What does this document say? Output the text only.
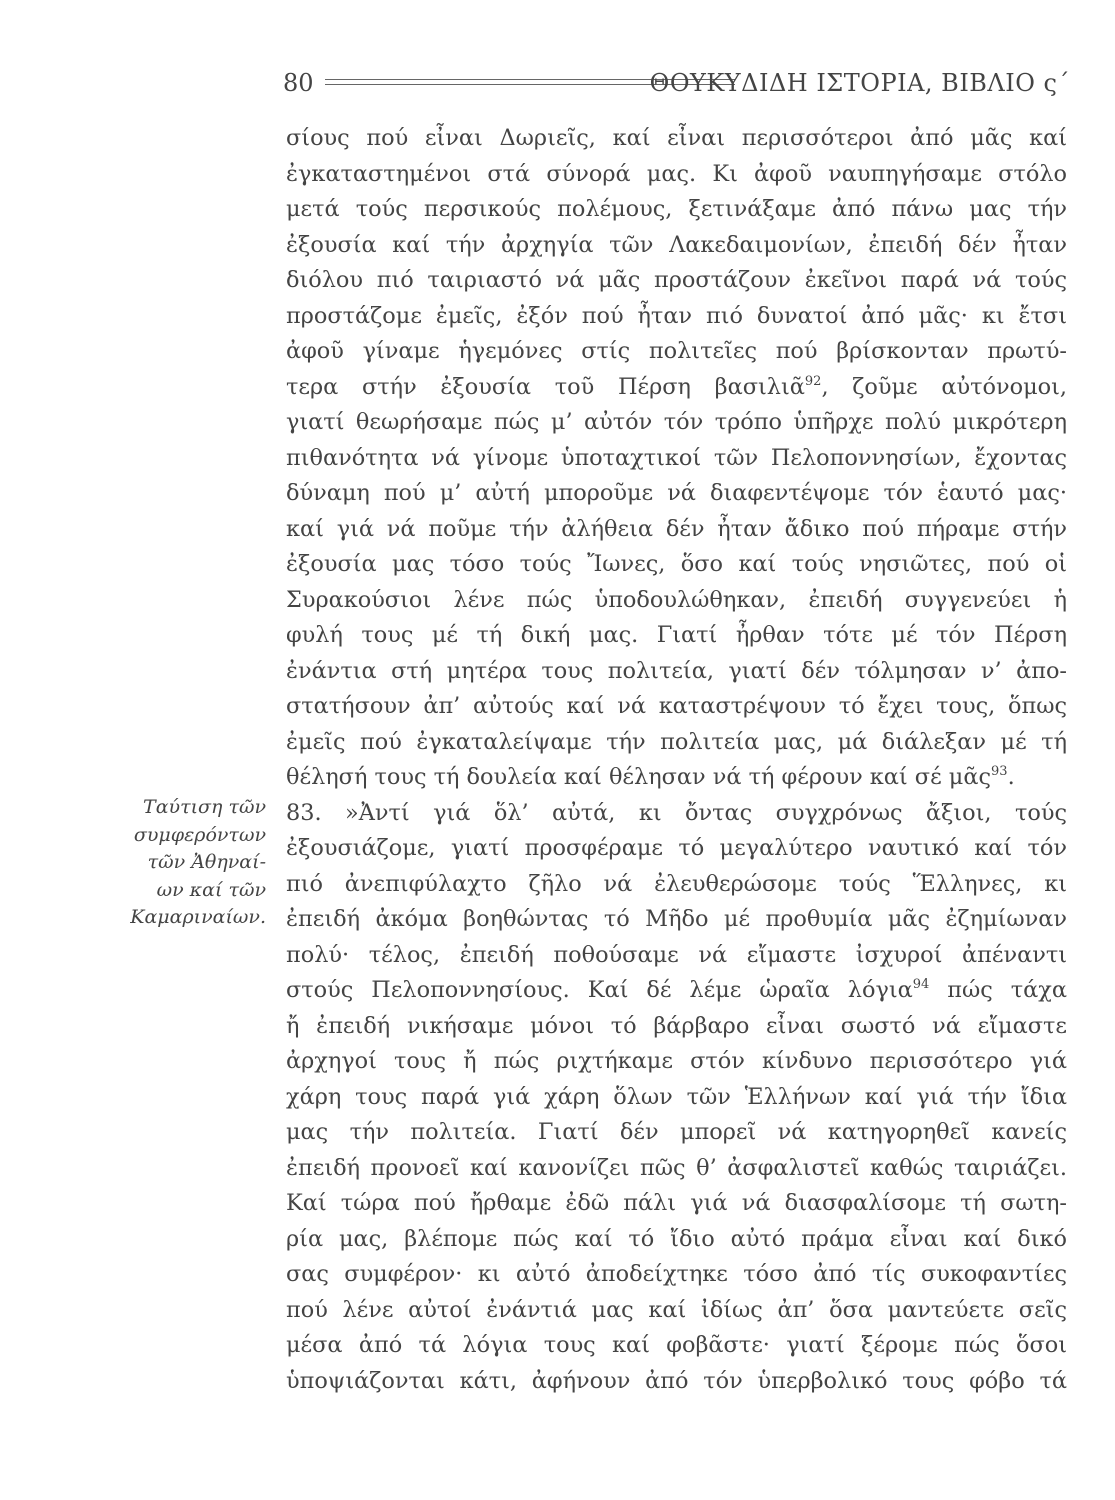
80	ΘΟΥΚΥΔΙΔΗ ΙΣΤΟΡΙΑ, ΒΙΒΛΙΟ ς΄
Ταύτιση τῶν
συμφερόντων
τῶν Ἀθηναί-
ων καί τῶν
Καμαριναίων.
σίους πού εἶναι Δωριεῖς, καί εἶναι περισσότεροι ἀπό μᾶς καί
ἐγκαταστημένοι στά σύνορά μας. Κι ἀφοῦ ναυπηγήσαμε στόλο
μετά τούς περσικούς πολέμους, ξετινάξαμε ἀπό πάνω μας τήν
ἐξουσία καί τήν ἀρχηγία τῶν Λακεδαιμονίων, ἐπειδή δέν ἦταν
διόλου πιό ταιριαστό νά μᾶς προστάζουν ἐκεῖνοι παρά νά τούς
προστάζομε ἐμεῖς, ἐξόν πού ἦταν πιό δυνατοί ἀπό μᾶς· κι ἔτσι
ἀφοῦ γίναμε ἡγεμόνες στίς πολιτεῖες πού βρίσκονταν πρωτύ-
τερα στήν ἐξουσία τοῦ Πέρση βασιλιᾶ$^{92}$, ζοῦμε αὐτόνομοι,
γιατί θεωρήσαμε πώς μ’ αὐτόν τόν τρόπο ὑπῆρχε πολύ μικρότερη
πιθανότητα νά γίνομε ὑποταχτικοί τῶν Πελοποννησίων, ἔχοντας
δύναμη πού μ’ αὐτή μποροῦμε νά διαφεντέψομε τόν ἑαυτό μας·
καί γιά νά ποῦμε τήν ἀλήθεια δέν ἦταν ἄδικο πού πήραμε στήν
ἐξουσία μας τόσο τούς Ἴωνες, ὅσο καί τούς νησιῶτες, πού οἱ
Συρακούσιοι λένε πώς ὑποδουλώθηκαν, ἐπειδή συγγενεύει ἡ
φυλή τους μέ τή δική μας. Γιατί ἦρθαν τότε μέ τόν Πέρση
ἐνάντια στή μητέρα τους πολιτεία, γιατί δέν τόλμησαν ν’ ἀπο-
στατήσουν ἀπ’ αὐτούς καί νά καταστρέψουν τό ἔχει τους, ὅπως
ἐμεῖς πού ἐγκαταλείψαμε τήν πολιτεία μας, μά διάλεξαν μέ τή
θέλησή τους τή δουλεία καί θέλησαν νά τή φέρουν καί σέ μᾶς$^{93}$.
83. »Ἀντί γιά ὅλ’ αὐτά, κι ὄντας συγχρόνως ἄξιοι, τούς
ἐξουσιάζομε, γιατί προσφέραμε τό μεγαλύτερο ναυτικό καί τόν
πιό ἀνεπιφύλαχτο ζῆλο νά ἐλευθερώσομε τούς Ἕλληνες, κι
ἐπειδή ἀκόμα βοηθώντας τό Μῆδο μέ προθυμία μᾶς ἐζημίωναν
πολύ· τέλος, ἐπειδή ποθούσαμε νά εἴμαστε ἰσχυροί ἀπέναντι
στούς Πελοποννησίους. Καί δέ λέμε ὡραῖα λόγια$^{94}$ πώς τάχα
ἤ ἐπειδή νικήσαμε μόνοι τό βάρβαρο εἶναι σωστό νά εἴμαστε
ἀρχηγοί τους ἤ πώς ριχτήκαμε στόν κίνδυνο περισσότερο γιά
χάρη τους παρά γιά χάρη ὅλων τῶν Ἑλλήνων καί γιά τήν ἴδια
μας τήν πολιτεία. Γιατί δέν μπορεῖ νά κατηγορηθεῖ κανείς
ἐπειδή προνοεῖ καί κανονίζει πῶς θ’ ἀσφαλιστεῖ καθώς ταιριάζει.
Καί τώρα πού ἤρθαμε ἐδῶ πάλι γιά νά διασφαλίσομε τή σωτη-
ρία μας, βλέπομε πώς καί τό ἴδιο αὐτό πράμα εἶναι καί δικό
σας συμφέρον· κι αὐτό ἀποδείχτηκε τόσο ἀπό τίς συκοφαντίες
πού λένε αὐτοί ἐνάντιά μας καί ἰδίως ἀπ’ ὅσα μαντεύετε σεῖς
μέσα ἀπό τά λόγια τους καί φοβᾶστε· γιατί ξέρομε πώς ὅσοι
ὑποψιάζονται κάτι, ἀφήνουν ἀπό τόν ὑπερβολικό τους φόβο τά
